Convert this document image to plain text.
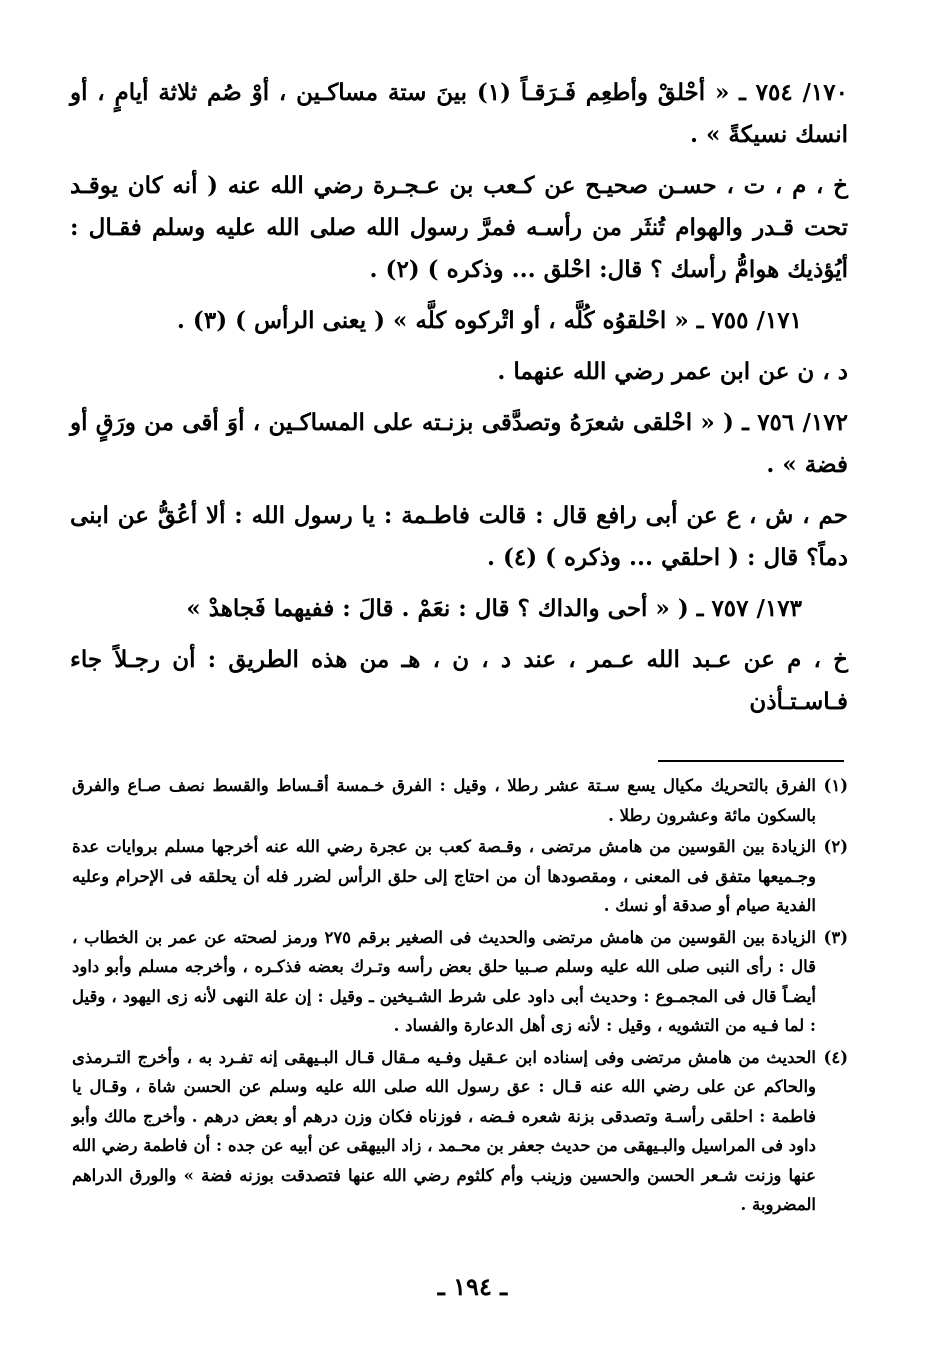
١٧٠/ ٧٥٤ ـ « أحْلقْ وأطعِم فَـرَقـاً (١) بينَ ستة مساكـين ، أوْ صُم ثلاثة أيامٍ ، أو انسك نسيكةً » .

خ ، م ، ت ، حسـن صحيـح عن كـعب بن عـجـرة رضي الله عنه ( أنه كان يوقـد تحت قـدر والهوام تُنثَر من رأسـه فمرَّ رسول الله صلى الله عليه وسلم فقـال : أيُؤذيك هوامُّ رأسك ؟ قال: احْلق ... وذكره ) (٢) .

١٧١/ ٧٥٥ ـ « احْلقوُه كُلَّه ، أو اتْركوه كلَّه » ( يعنى الرأس ) (٣) .

د ، ن عن ابن عمر رضي الله عنهما .

١٧٢/ ٧٥٦ ـ ( « احْلقى شعرَهُ وتصدَّقى بزنـته على المساكـين ، أوَ أقى من ورَقٍ أو فضة » .

حم ، ش ، ع عن أبى رافع قال : قالت فاطـمة : يا رسول الله : ألا أعُقُّ عن ابنى دماً؟ قال : ( احلقي ... وذكره ) (٤) .

١٧٣/ ٧٥٧ ـ ( « أحى والداك ؟ قال : نعَمْ . قالَ : ففيهما فَجاهدْ »

خ ، م عن عـبد الله عـمر ، عند د ، ن ، هـ من هذه الطريق : أن رجـلاً جاء فـاسـتـأذن

(١)
الفرق بالتحريك مكيال يسع سـتة عشر رطلا ، وقيل : الفرق خـمسة أقـساط والقسط نصف صـاع والفرق بالسكون مائة وعشرون رطلا .
(٢)
الزيادة بين القوسين من هامش مرتضى ، وقـصة كعب بن عجرة رضي الله عنه أخرجها مسلم بروايات عدة وجـميعها متفق فى المعنى ، ومقصودها أن من احتاج إلى حلق الرأس لضرر فله أن يحلقه فى الإحرام وعليه الفدية صيام أو صدقة أو نسك .
(٣)
الزيادة بين القوسين من هامش مرتضى والحديث فى الصغير برقم ٢٧٥ ورمز لصحته عن عمر بن الخطاب ، قال : رأى النبى صلى الله عليه وسلم صـبيا حلق بعض رأسه وتـرك بعضه فذكـره ، وأخرجه مسلم وأبو داود أيضـاً قال فى المجمـوع : وحديث أبى داود على شرط الشـيخين ـ وقيل : إن علة النهى لأنه زى اليهود ، وقيل : لما فـيه من التشويه ، وقيل : لأنه زى أهل الدعارة والفساد .
(٤)
الحديث من هامش مرتضى وفى إسناده ابن عـقيل وفـيه مـقال قـال البـيهقى إنه تفـرد به ، وأخرج التـرمذى والحاكم عن على رضي الله عنه قـال : عق رسول الله صلى الله عليه وسلم عن الحسن شاة ، وقـال يا فاطمة : احلقى رأسـة وتصدقى بزنة شعره فـضه ، فوزناه فكان وزن درهم أو بعض درهم . وأخرج مالك وأبو داود فى المراسيل والبـيهقى من حديث جعفر بن محـمد ، زاد البيهقى عن أبيه عن جده : أن فاطمة رضي الله عنها وزنت شـعر الحسن والحسين وزينب وأم كلثوم رضي الله عنها فتصدقت بوزنه فضة » والورق الدراهم المضروبة .
ـ ١٩٤ ـ
